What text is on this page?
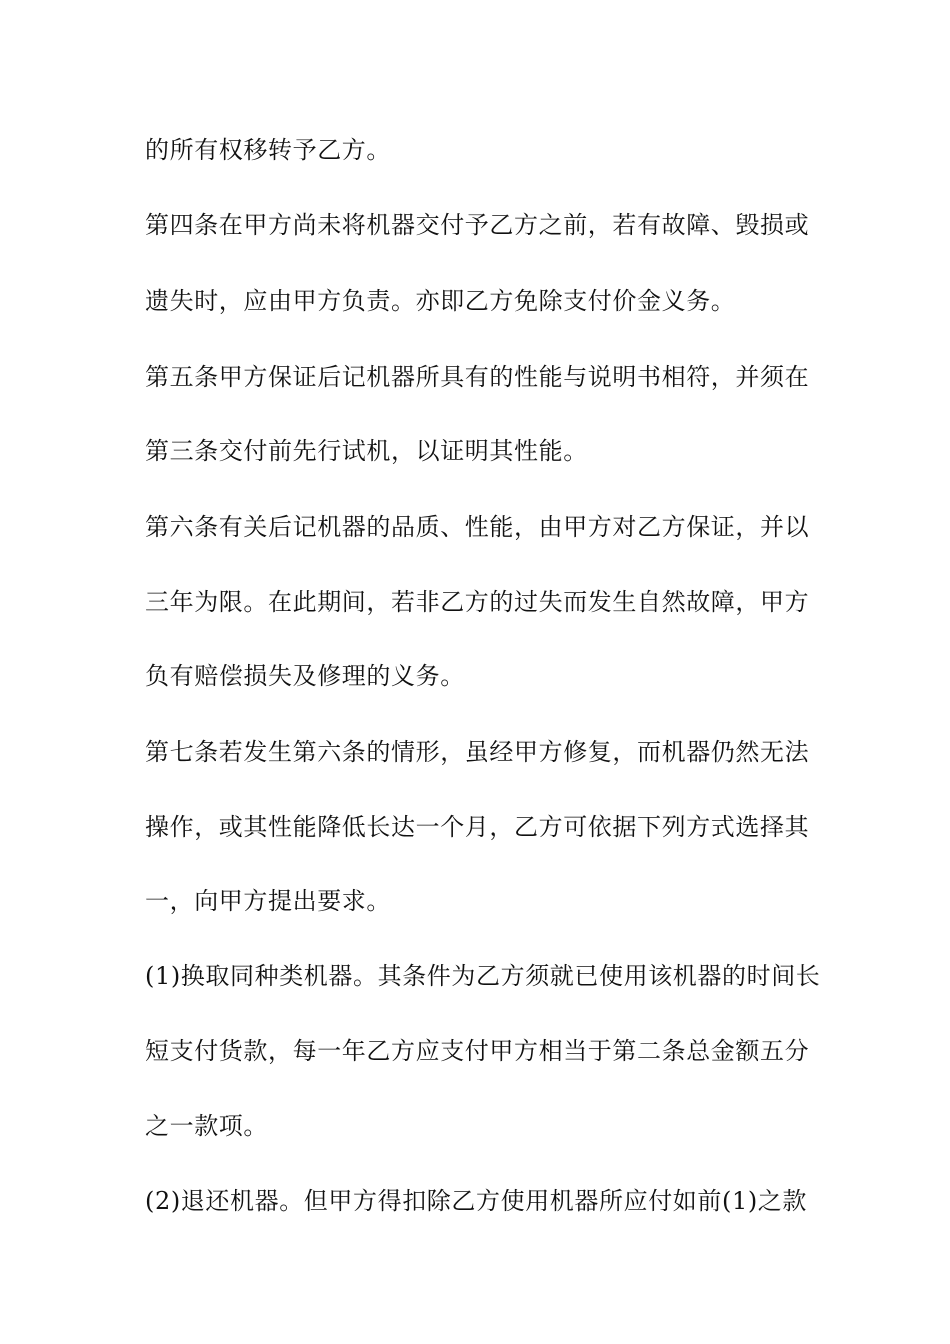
的所有权移转予乙方。
第四条在甲方尚未将机器交付予乙方之前，若有故障、毁损或
遗失时，应由甲方负责。亦即乙方免除支付价金义务。
第五条甲方保证后记机器所具有的性能与说明书相符，并须在
第三条交付前先行试机，以证明其性能。
第六条有关后记机器的品质、性能，由甲方对乙方保证，并以
三年为限。在此期间，若非乙方的过失而发生自然故障，甲方
负有赔偿损失及修理的义务。
第七条若发生第六条的情形，虽经甲方修复，而机器仍然无法
操作，或其性能降低长达一个月，乙方可依据下列方式选择其
一，向甲方提出要求。
(1)换取同种类机器。其条件为乙方须就已使用该机器的时间长
短支付货款，每一年乙方应支付甲方相当于第二条总金额五分
之一款项。
(2)退还机器。但甲方得扣除乙方使用机器所应付如前(1)之款
